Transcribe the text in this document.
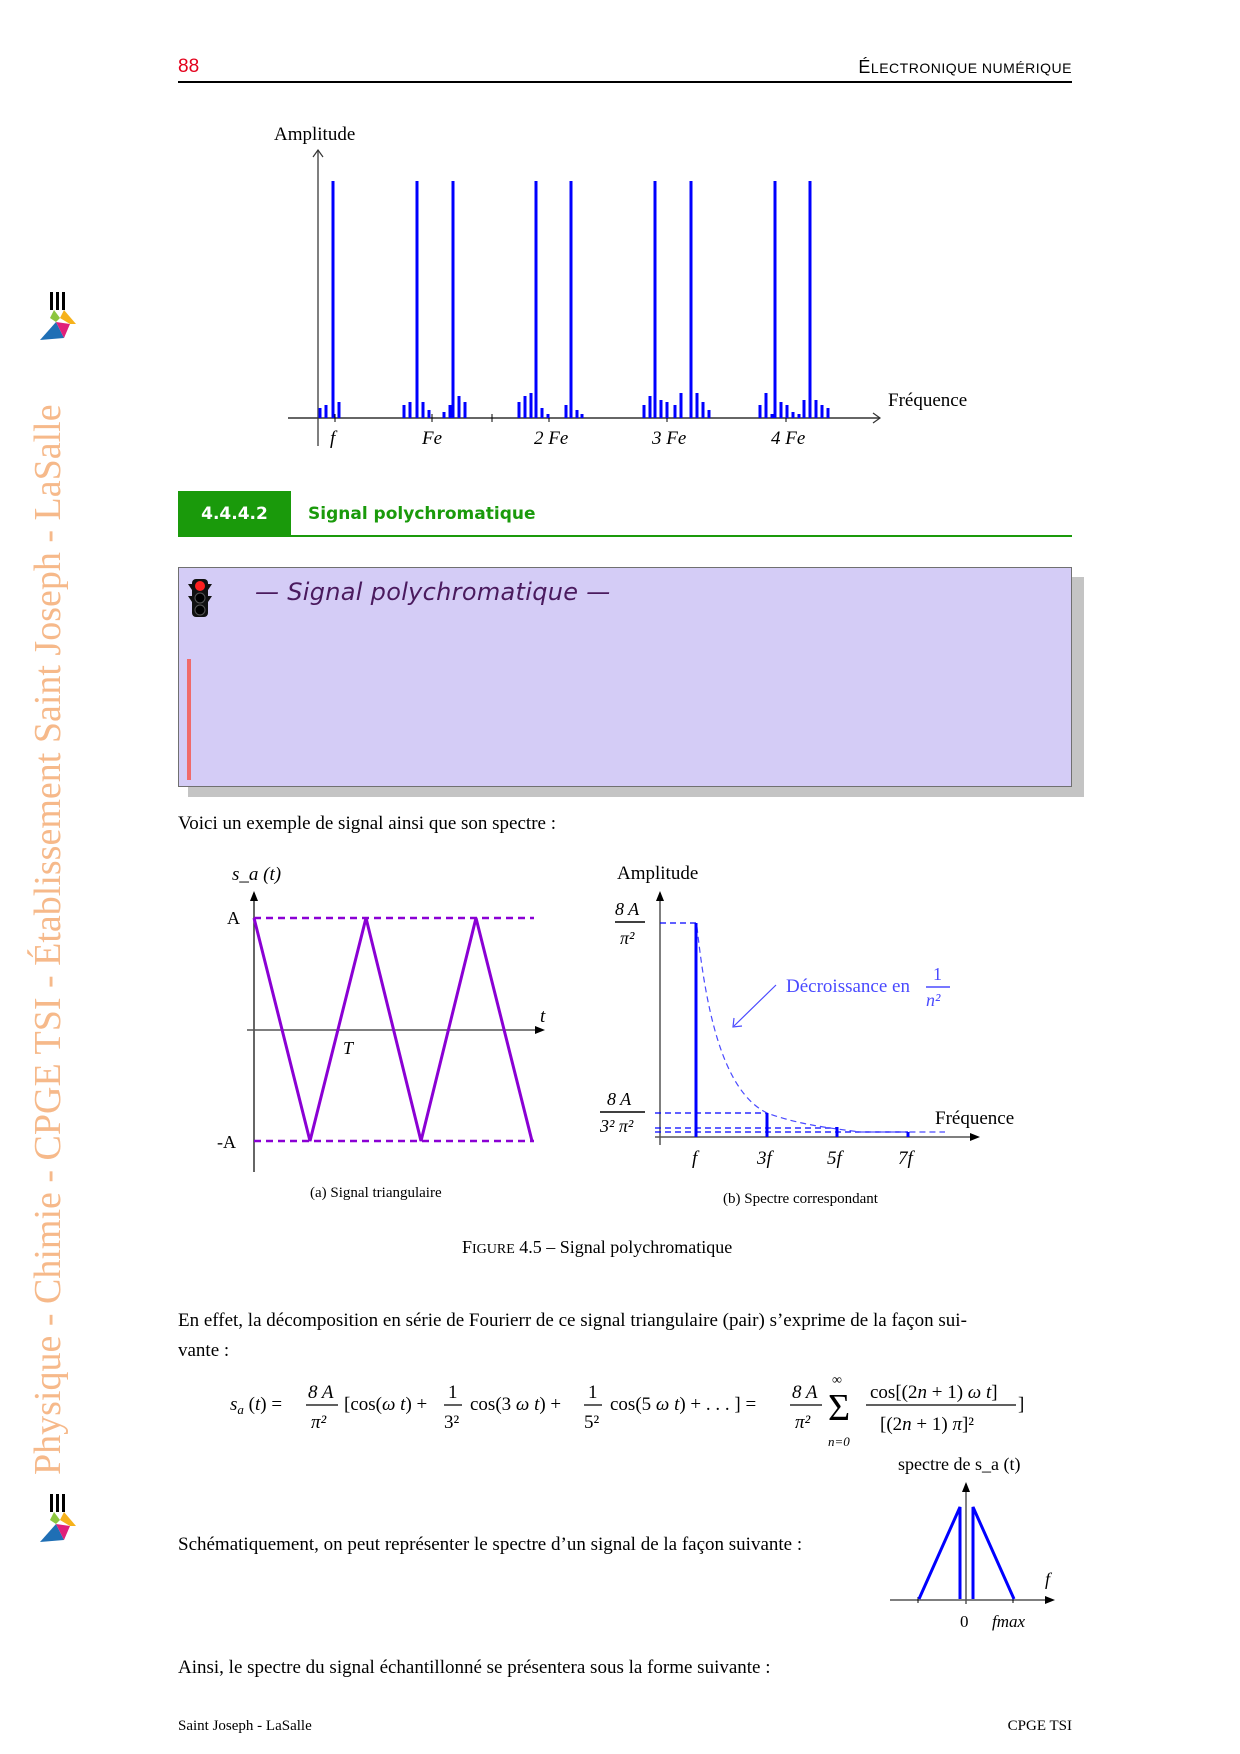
88	ÉLECTRONIQUE NUMÉRIQUE
Physique - Chimie - CPGE TSI - Établissement Saint Joseph - LaSalle
Amplitude
Fréquence
f	Fe	2 Fe	3 Fe	4 Fe
4.4.4.2	Signal polychromatique
— Signal polychromatique —
Voici un exemple de signal ainsi que son spectre :
s_a (t)
t
A
-A
T
(a) Signal triangulaire
Amplitude
Fréquence
8 A
π²
8 A
3² π²
Décroissance en
1
n²
f	3f	5f	7f
(b) Spectre correspondant
FIGURE 4.5 – Signal polychromatique
En effet, la décomposition en série de Fourierr de ce signal triangulaire (pair) s’exprime de la façon sui-
vante :
$s_a$ (t) =
8 A
π²
[cos(ω t) +
1
3²
cos(3 ω t) +
1
5²
cos(5 ω t) + . . . ] =
8 A
π²
∞
Σ
n=0
cos[(2n + 1) ω t]
[(2n + 1) π]²
]
Schématiquement, on peut représenter le spectre d’un signal de la façon suivante :
spectre de s_a (t)
f
0 fmax
Ainsi, le spectre du signal échantillonné se présentera sous la forme suivante :
Saint Joseph - LaSalle	CPGE TSI
